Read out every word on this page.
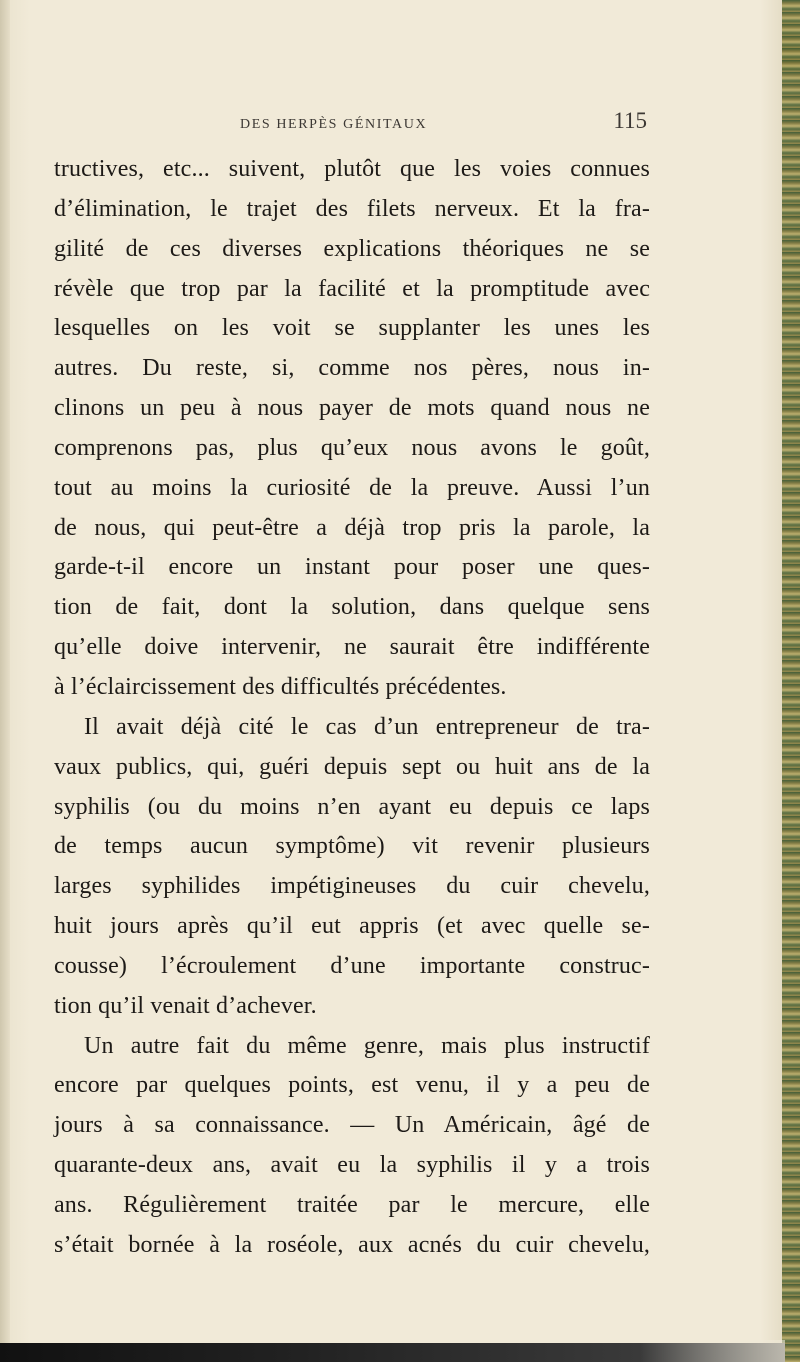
DES HERPÈS GÉNITAUX	115

tructives, etc... suivent, plutôt que les voies connues
d’élimination, le trajet des filets nerveux. Et la fra-
gilité de ces diverses explications théoriques ne se
révèle que trop par la facilité et la promptitude avec
lesquelles on les voit se supplanter les unes les
autres. Du reste, si, comme nos pères, nous in-
clinons un peu à nous payer de mots quand nous ne
comprenons pas, plus qu’eux nous avons le goût,
tout au moins la curiosité de la preuve. Aussi l’un
de nous, qui peut-être a déjà trop pris la parole, la
garde-t-il encore un instant pour poser une ques-
tion de fait, dont la solution, dans quelque sens
qu’elle doive intervenir, ne saurait être indifférente
à l’éclaircissement des difficultés précédentes.

Il avait déjà cité le cas d’un entrepreneur de tra-
vaux publics, qui, guéri depuis sept ou huit ans de la
syphilis (ou du moins n’en ayant eu depuis ce laps
de temps aucun symptôme) vit revenir plusieurs
larges syphilides impétigineuses du cuir chevelu,
huit jours après qu’il eut appris (et avec quelle se-
cousse) l’écroulement d’une importante construc-
tion qu’il venait d’achever.

Un autre fait du même genre, mais plus instructif
encore par quelques points, est venu, il y a peu de
jours à sa connaissance. — Un Américain, âgé de
quarante-deux ans, avait eu la syphilis il y a trois
ans. Régulièrement traitée par le mercure, elle
s’était bornée à la roséole, aux acnés du cuir chevelu,
